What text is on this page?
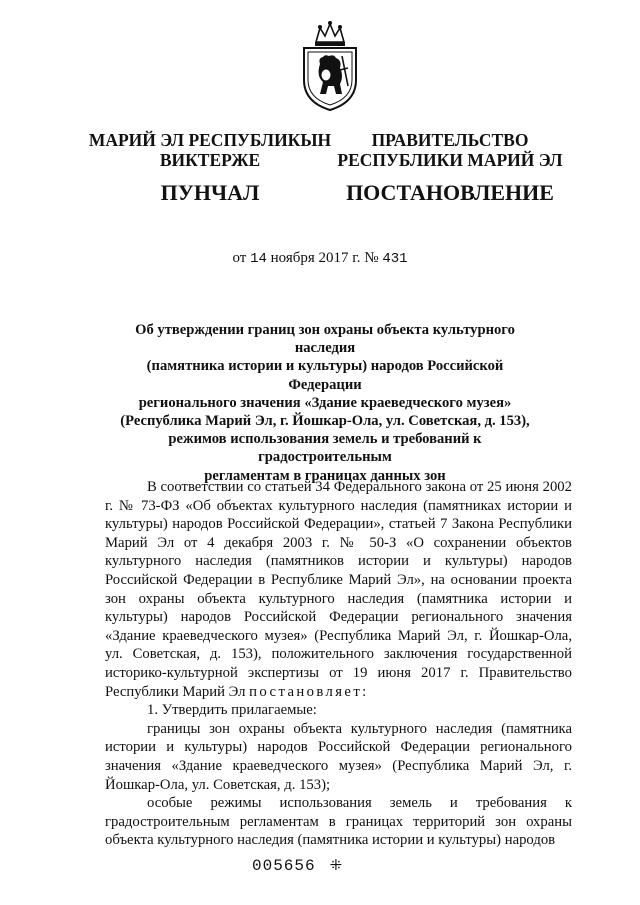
МАРИЙ ЭЛ РЕСПУБЛИКЫН
ВИКТЕРЖЕ
ПУНЧАЛ
ПРАВИТЕЛЬСТВО
РЕСПУБЛИКИ МАРИЙ ЭЛ
ПОСТАНОВЛЕНИЕ

от 14 ноября 2017 г. № 431

Об утверждении границ зон охраны объекта культурного наследия
(памятника истории и культуры) народов Российской Федерации
регионального значения «Здание краеведческого музея»
(Республика Марий Эл, г. Йошкар-Ола, ул. Советская, д. 153),
режимов использования земель и требований к градостроительным
регламентам в границах данных зон

В соответствии со статьей 34 Федерального закона от 25 июня 2002 г. № 73-ФЗ «Об объектах культурного наследия (памятниках истории и культуры) народов Российской Федерации», статьей 7 Закона Республики Марий Эл от 4 декабря 2003 г. № 50-З «О сохранении объектов культурного наследия (памятников истории и культуры) народов Российской Федерации в Республике Марий Эл», на основании проекта зон охраны объекта культурного наследия (памятника истории и культуры) народов Российской Федерации регионального значения «Здание краеведческого музея» (Республика Марий Эл, г. Йошкар-Ола, ул. Советская, д. 153), положительного заключения государственной историко-культурной экспертизы от 19 июня 2017 г. Правительство Республики Марий Эл постановляет:

1. Утвердить прилагаемые:

границы зон охраны объекта культурного наследия (памятника истории и культуры) народов Российской Федерации регионального значения «Здание краеведческого музея» (Республика Марий Эл, г. Йошкар-Ола, ул. Советская, д. 153);

особые режимы использования земель и требования к градостроительным регламентам в границах территорий зон охраны объекта культурного наследия (памятника истории и культуры) народов

005656 ⁜
